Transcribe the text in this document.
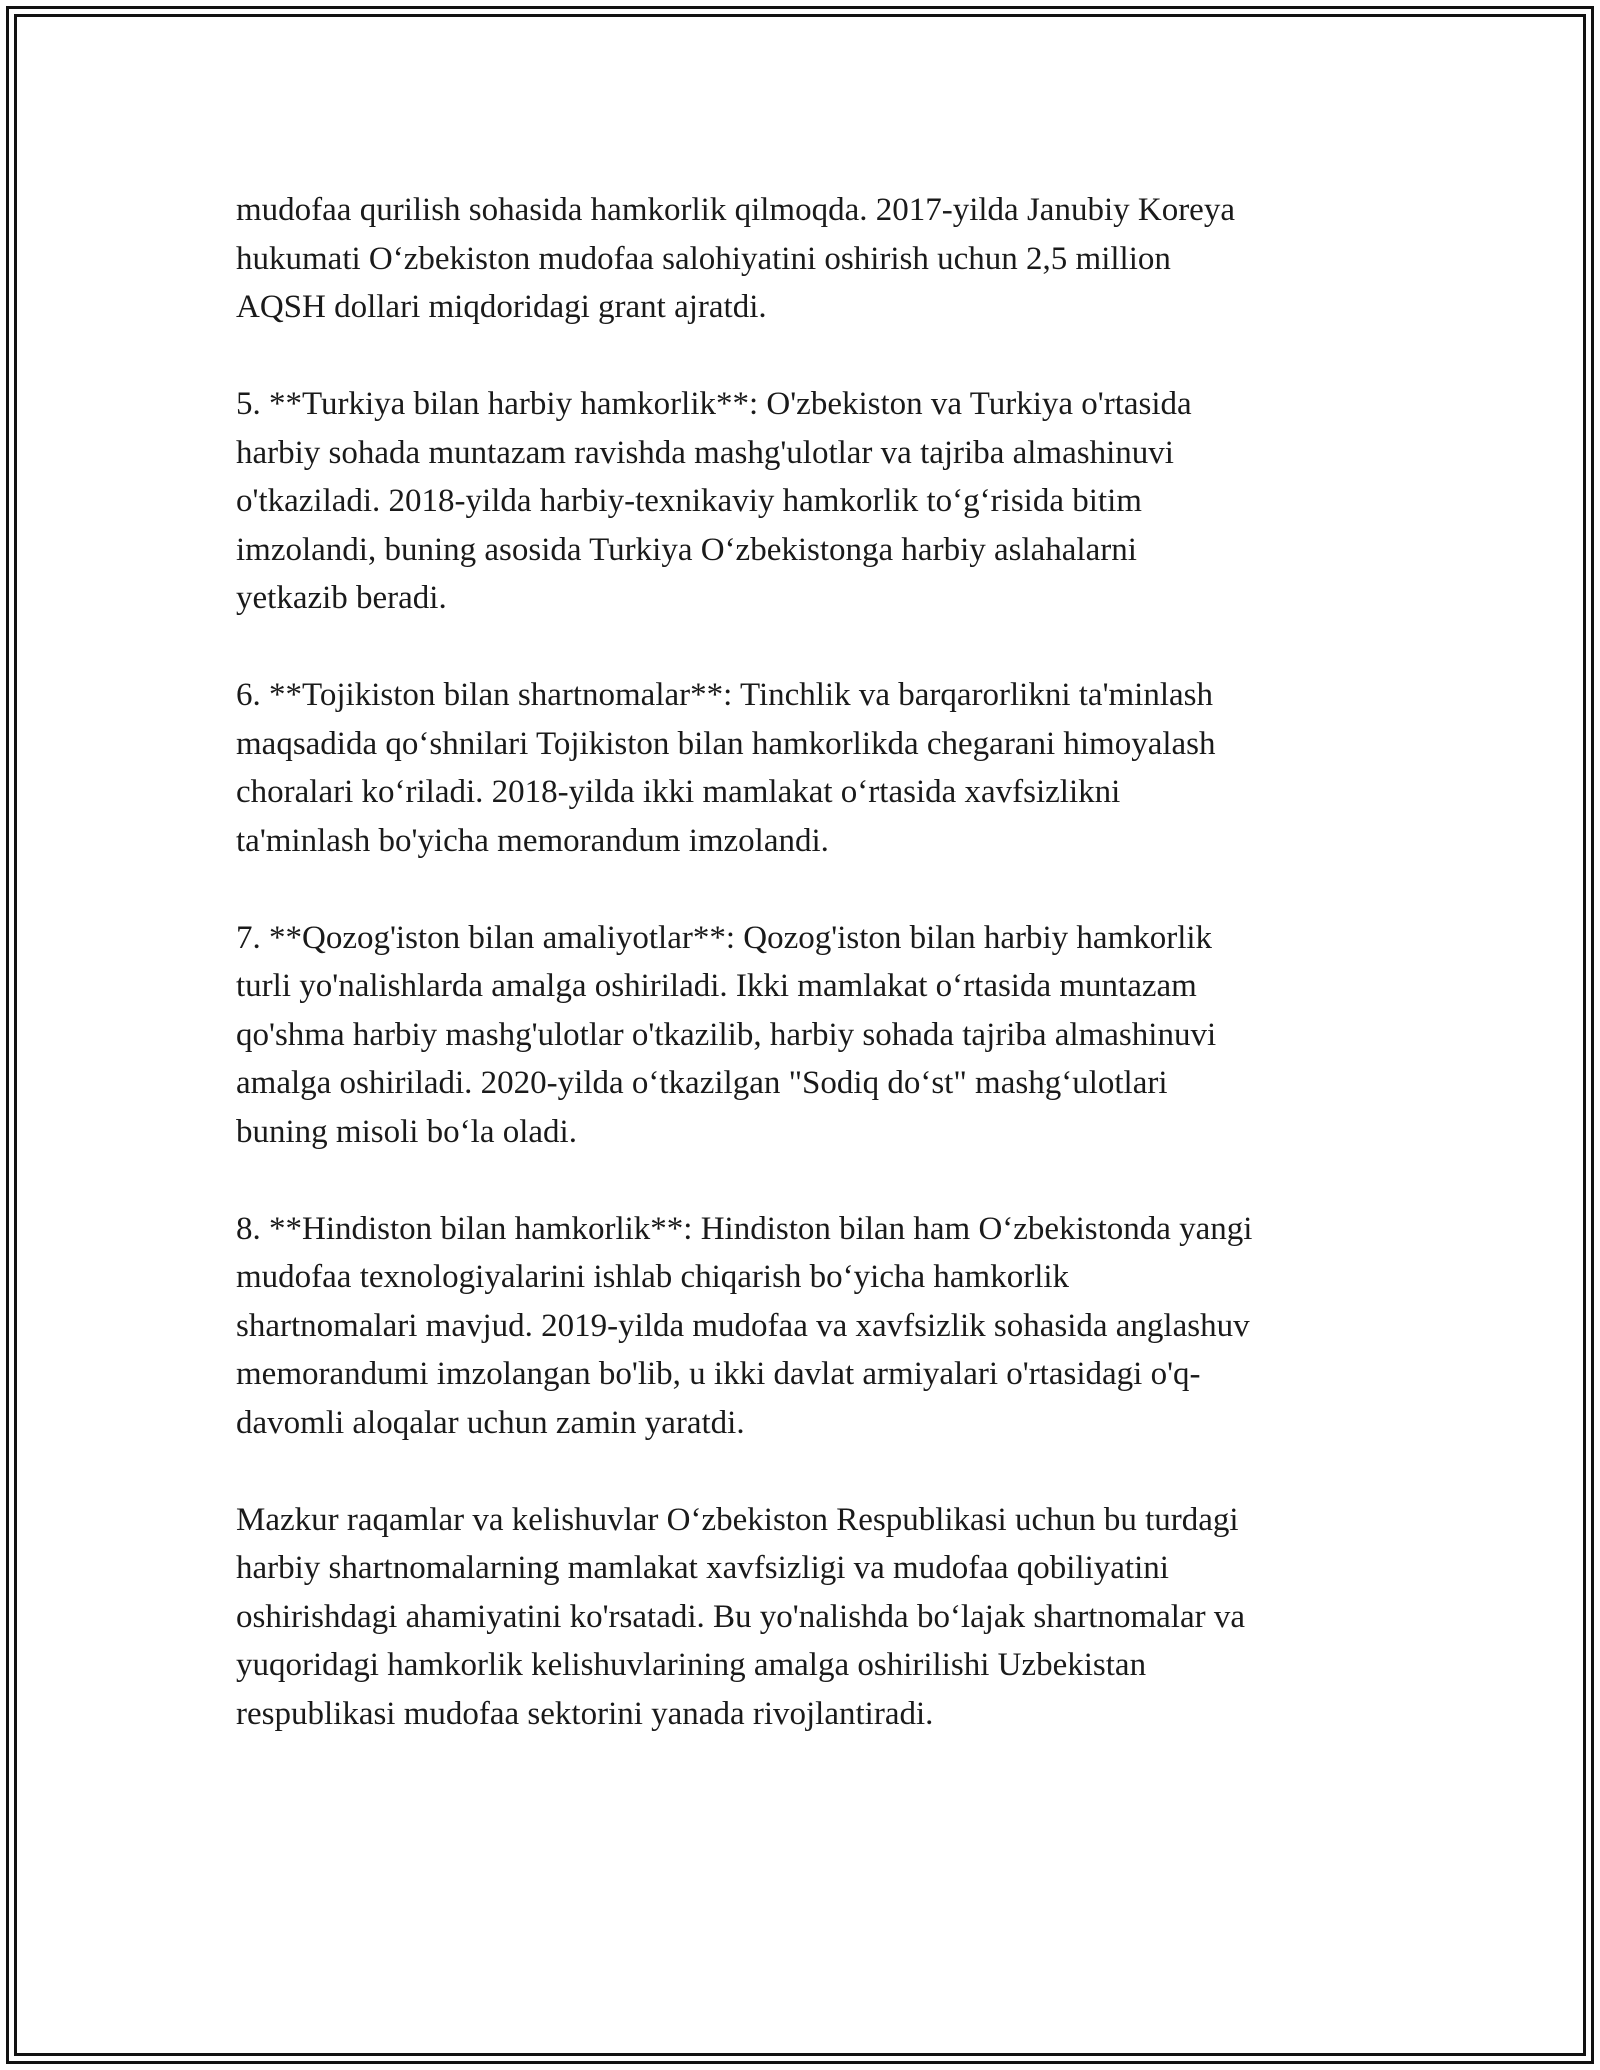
mudofaa qurilish sohasida hamkorlik qilmoqda. 2017-yilda Janubiy Koreya
hukumati O‘zbekiston mudofaa salohiyatini oshirish uchun 2,5 million
AQSH dollari miqdoridagi grant ajratdi.

5. **Turkiya bilan harbiy hamkorlik**: O'zbekiston va Turkiya o'rtasida
harbiy sohada muntazam ravishda mashg'ulotlar va tajriba almashinuvi
o'tkaziladi. 2018-yilda harbiy-texnikaviy hamkorlik to‘g‘risida bitim
imzolandi, buning asosida Turkiya O‘zbekistonga harbiy aslahalarni
yetkazib beradi.

6. **Tojikiston bilan shartnomalar**: Tinchlik va barqarorlikni ta'minlash
maqsadida qo‘shnilari Tojikiston bilan hamkorlikda chegarani himoyalash
choralari ko‘riladi. 2018-yilda ikki mamlakat o‘rtasida xavfsizlikni
ta'minlash bo'yicha memorandum imzolandi.

7. **Qozog'iston bilan amaliyotlar**: Qozog'iston bilan harbiy hamkorlik
turli yo'nalishlarda amalga oshiriladi. Ikki mamlakat o‘rtasida muntazam
qo'shma harbiy mashg'ulotlar o'tkazilib, harbiy sohada tajriba almashinuvi
amalga oshiriladi. 2020-yilda o‘tkazilgan "Sodiq do‘st" mashg‘ulotlari
buning misoli bo‘la oladi.

8. **Hindiston bilan hamkorlik**: Hindiston bilan ham O‘zbekistonda yangi
mudofaa texnologiyalarini ishlab chiqarish bo‘yicha hamkorlik
shartnomalari mavjud. 2019-yilda mudofaa va xavfsizlik sohasida anglashuv
memorandumi imzolangan bo'lib, u ikki davlat armiyalari o'rtasidagi o'q-
davomli aloqalar uchun zamin yaratdi.

Mazkur raqamlar va kelishuvlar O‘zbekiston Respublikasi uchun bu turdagi
harbiy shartnomalarning mamlakat xavfsizligi va mudofaa qobiliyatini
oshirishdagi ahamiyatini ko'rsatadi. Bu yo'nalishda bo‘lajak shartnomalar va
yuqoridagi hamkorlik kelishuvlarining amalga oshirilishi Uzbekistan
respublikasi mudofaa sektorini yanada rivojlantiradi.
